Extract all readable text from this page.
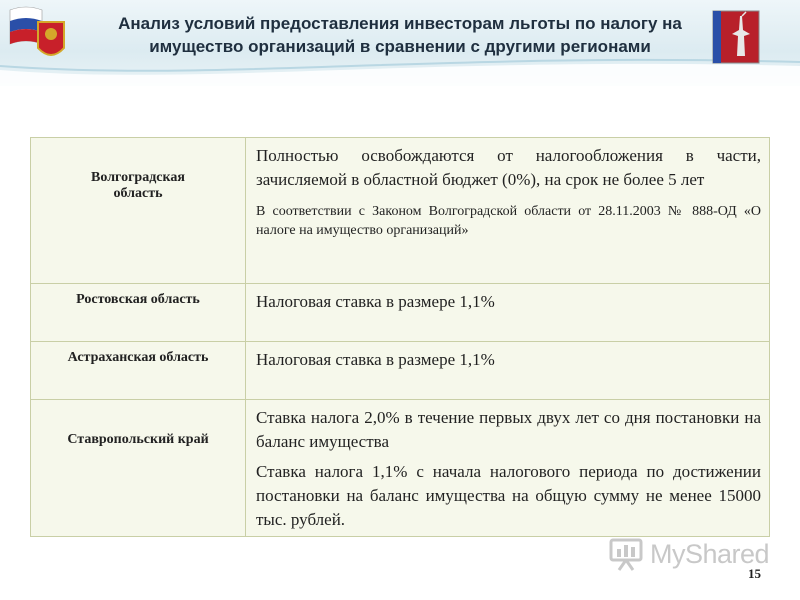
Анализ условий предоставления инвесторам льготы по налогу на
имущество организаций в сравнении с другими регионами
Волгоградская область	Полностью освобождаются от налогообложения в части, зачисляемой в областной бюджет (0%), на срок не более 5 лет
В соответствии с Законом Волгоградской области от 28.11.2003 № 888-ОД «О налоге на имущество организаций»

Ростовская область	Налоговая ставка в размере 1,1%

Астраханская область	Налоговая ставка в размере 1,1%

Ставропольский край	Ставка налога 2,0% в течение первых двух лет со дня постановки на баланс имущества
Ставка налога 1,1% с начала налогового периода по достижении постановки на баланс имущества на общую сумму не менее 15000 тыс. рублей.
MyShared
15
